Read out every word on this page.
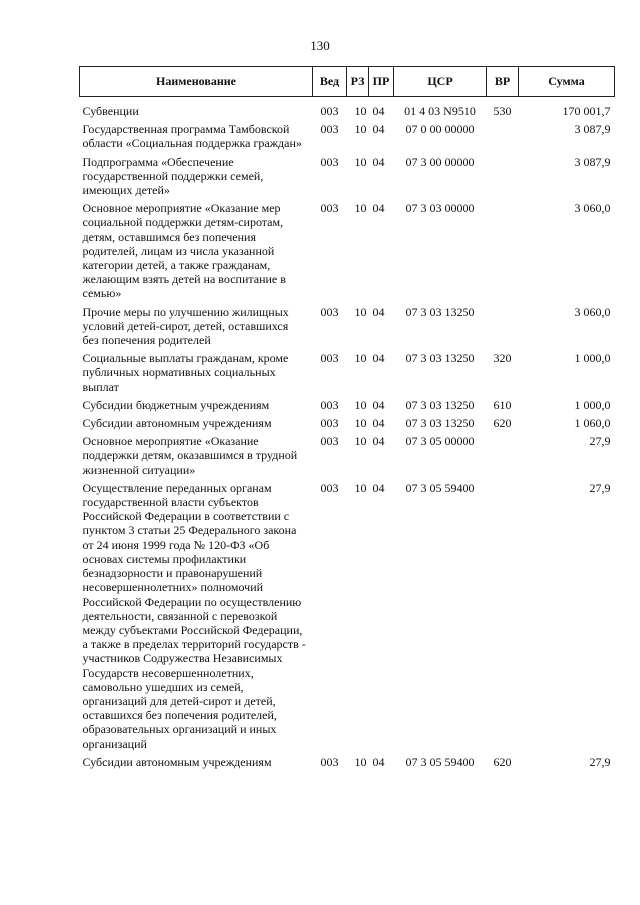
130
Наименование	Вед	РЗ	ПР	ЦСР	ВР	Сумма
Субвенции	003	10	04	01 4 03 N9510	530	170 001,7
Государственная программа Тамбовской области «Социальная поддержка граждан»	003	10	04	07 0 00 00000		3 087,9
Подпрограмма «Обеспечение государственной поддержки семей, имеющих детей»	003	10	04	07 3 00 00000		3 087,9
Основное мероприятие «Оказание мер социальной поддержки детям-сиротам, детям, оставшимся без попечения родителей, лицам из числа указанной категории детей, а также гражданам, желающим взять детей на воспитание в семью»	003	10	04	07 3 03 00000		3 060,0
Прочие меры по улучшению жилищных условий детей-сирот, детей, оставшихся без попечения родителей	003	10	04	07 3 03 13250		3 060,0
Социальные выплаты гражданам, кроме публичных нормативных социальных выплат	003	10	04	07 3 03 13250	320	1 000,0
Субсидии бюджетным учреждениям	003	10	04	07 3 03 13250	610	1 000,0
Субсидии автономным учреждениям	003	10	04	07 3 03 13250	620	1 060,0
Основное мероприятие «Оказание поддержки детям, оказавшимся в трудной жизненной ситуации»	003	10	04	07 3 05 00000		27,9
Осуществление переданных органам государственной власти субъектов Российской Федерации в соответствии с пунктом 3 статьи 25 Федерального закона от 24 июня 1999 года № 120-ФЗ «Об основах системы профилактики безнадзорности и правонарушений несовершеннолетних» полномочий Российской Федерации по осуществлению деятельности, связанной с перевозкой между субъектами Российской Федерации, а также в пределах территорий государств - участников Содружества Независимых Государств несовершеннолетних, самовольно ушедших из семей, организаций для детей-сирот и детей, оставшихся без попечения родителей, образовательных организаций и иных организаций	003	10	04	07 3 05 59400		27,9
Субсидии автономным учреждениям	003	10	04	07 3 05 59400	620	27,9
